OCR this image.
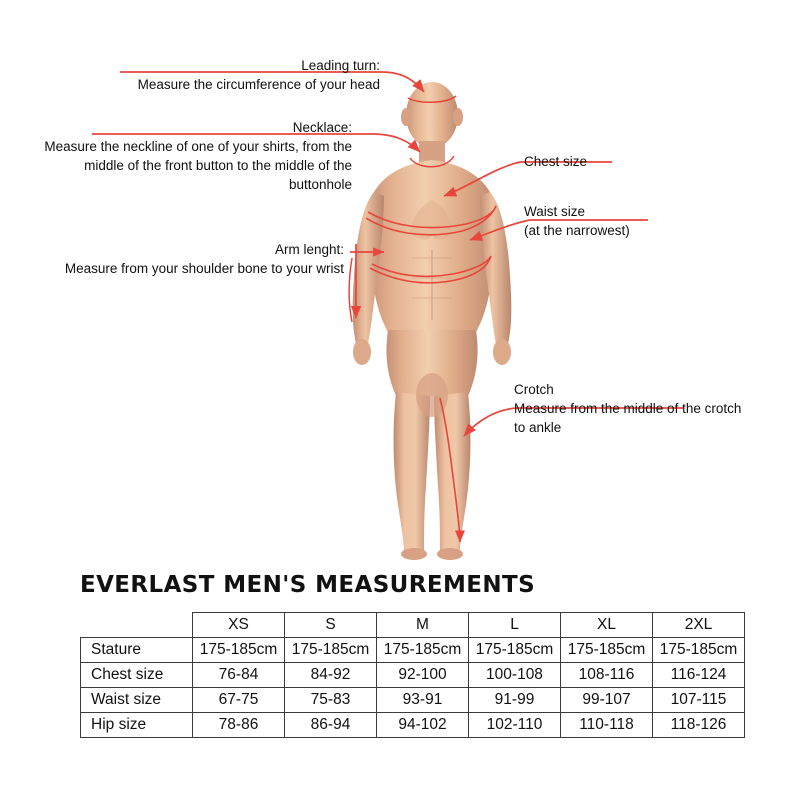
Leading turn:
Measure the circumference of your head
Necklace:
Measure the neckline of one of your shirts, from the middle of the front button to the middle of the buttonhole
Arm lenght:
Measure from your shoulder bone to your wrist
Chest size
Waist size
(at the narrowest)
Crotch
Measure from the middle of the crotch to ankle
EVERLAST MEN'S MEASUREMENTS
	XS	S	M	L	XL	2XL
Stature	175-185cm	175-185cm	175-185cm	175-185cm	175-185cm	175-185cm
Chest size	76-84	84-92	92-100	100-108	108-116	116-124
Waist size	67-75	75-83	93-91	91-99	99-107	107-115
Hip size	78-86	86-94	94-102	102-110	110-118	118-126
